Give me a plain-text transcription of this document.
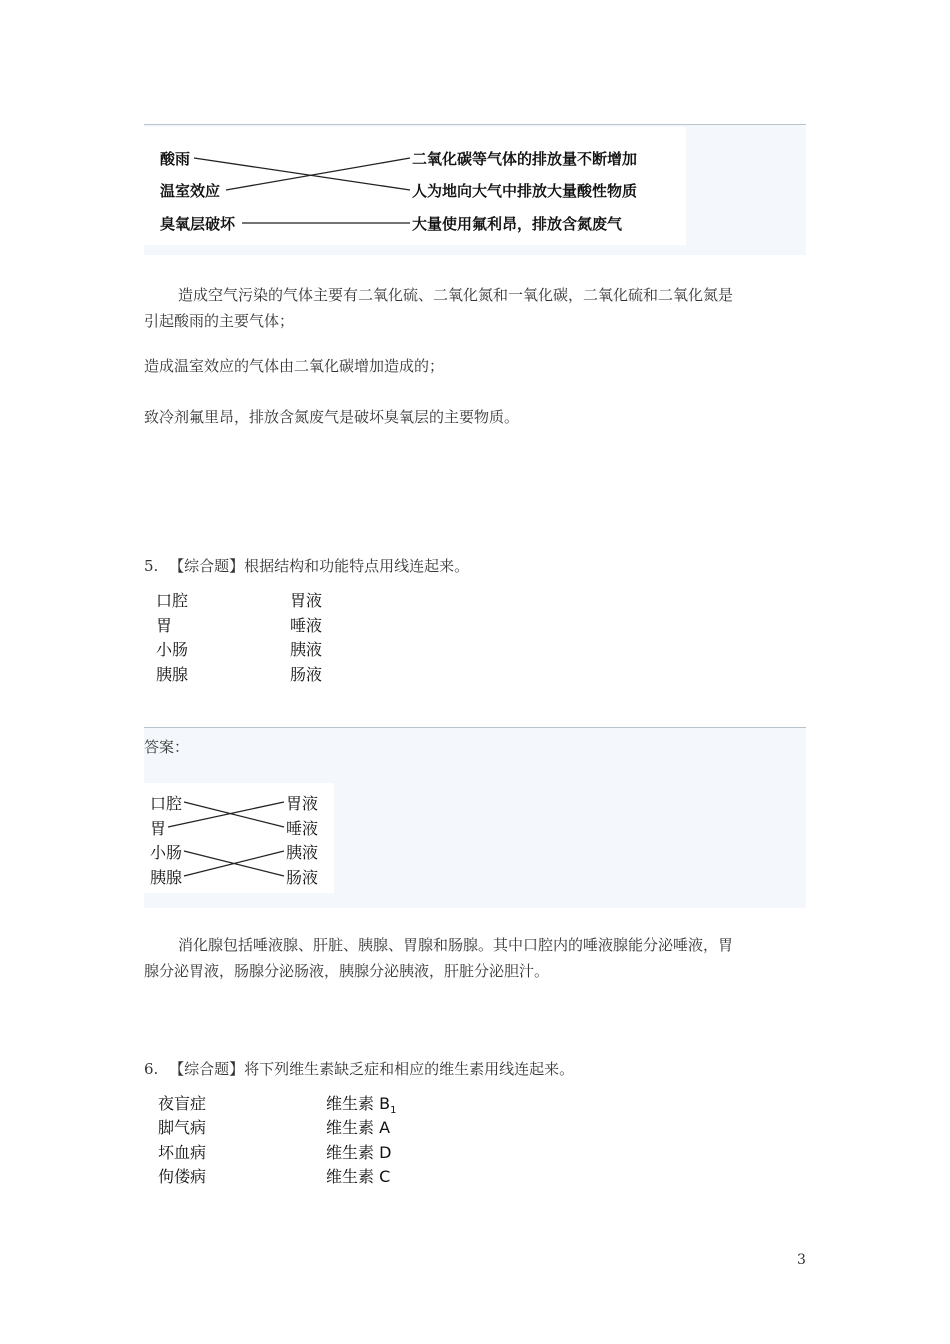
酸雨
温室效应
臭氧层破坏
二氧化碳等气体的排放量不断增加
人为地向大气中排放大量酸性物质
大量使用氟利昂，排放含氮废气
造成空气污染的气体主要有二氧化硫、二氧化氮和一氧化碳，二氧化硫和二氧化氮是
引起酸雨的主要气体；
造成温室效应的气体由二氧化碳增加造成的；
致冷剂氟里昂，排放含氮废气是破坏臭氧层的主要物质。
5. 【综合题】根据结构和功能特点用线连起来。
口腔
胃
小肠
胰腺
胃液
唾液
胰液
肠液
答案：
口腔
胃
小肠
胰腺
胃液
唾液
胰液
肠液
消化腺包括唾液腺、肝脏、胰腺、胃腺和肠腺。其中口腔内的唾液腺能分泌唾液，胃
腺分泌胃液，肠腺分泌肠液，胰腺分泌胰液，肝脏分泌胆汁。
6. 【综合题】将下列维生素缺乏症和相应的维生素用线连起来。
夜盲症
脚气病
坏血病
佝偻病
维生素 $B_1$
维生素 A
维生素 D
维生素 C
3
